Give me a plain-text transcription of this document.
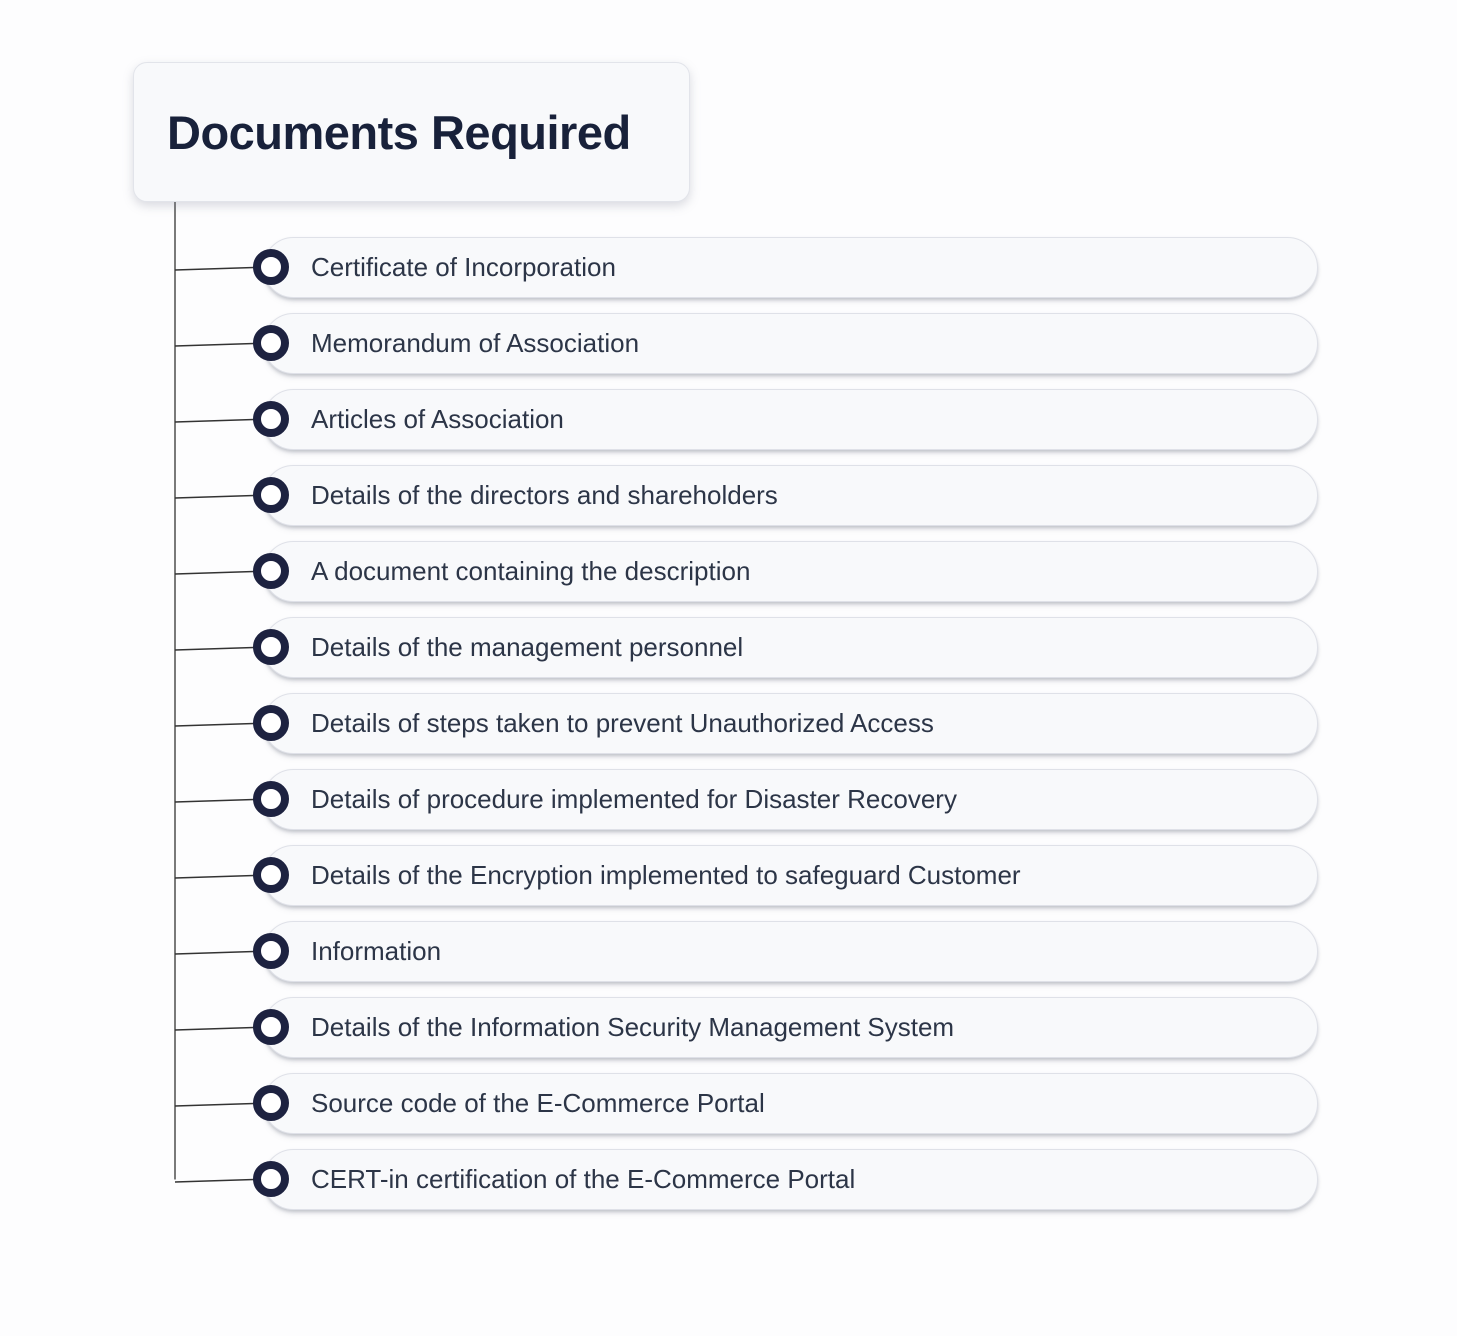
Documents Required
Certificate of Incorporation
Memorandum of Association
Articles of Association
Details of the directors and shareholders
A document containing the description
Details of the management personnel
Details of steps taken to prevent Unauthorized Access
Details of procedure implemented for Disaster Recovery
Details of the Encryption implemented to safeguard Customer
Information
Details of the Information Security Management System
Source code of the E-Commerce Portal
CERT-in certification of the E-Commerce Portal
